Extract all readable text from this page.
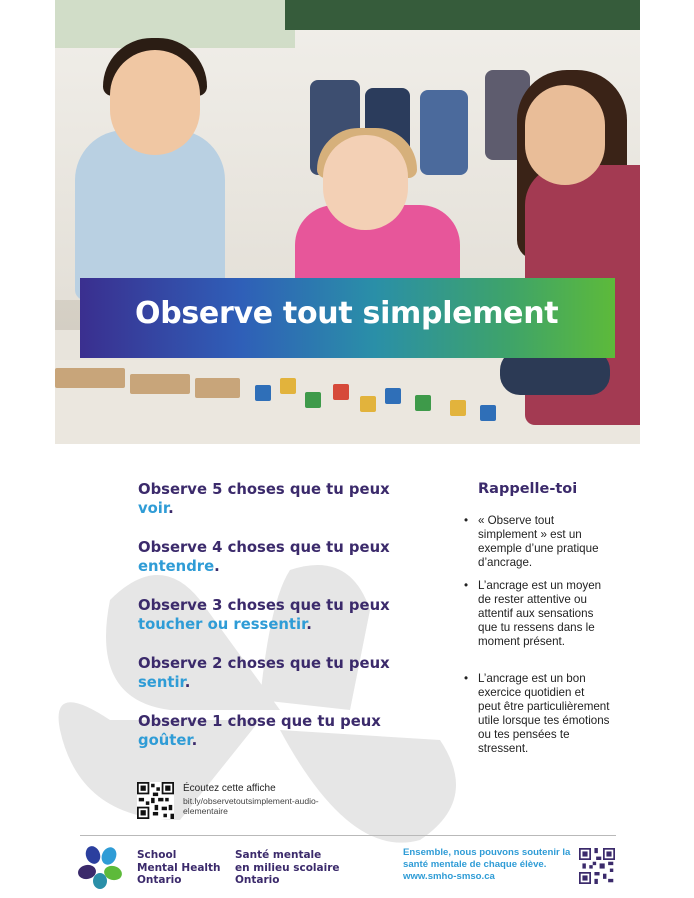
Observe tout simplement
Observe 5 choses que tu peux
voir.
Observe 4 choses que tu peux
entendre.
Observe 3 choses que tu peux
toucher ou ressentir.
Observe 2 choses que tu peux
sentir.
Observe 1 chose que tu peux
goûter.
Rappelle-toi
• « Observe tout simplement » est un exemple d’une pratique d’ancrage.
• L’ancrage est un moyen de rester attentive ou attentif aux sensations que tu ressens dans le moment présent.
• L’ancrage est un bon exercice quotidien et peut être particulièrement utile lorsque tes émotions ou tes pensées te stressent.
Écoutez cette affiche
bit.ly/observetoutsimplement-audio-elementaire
School
Mental Health
Ontario
Santé mentale
en milieu scolaire
Ontario
Ensemble, nous pouvons soutenir la santé mentale de chaque élève.
www.smho-smso.ca
